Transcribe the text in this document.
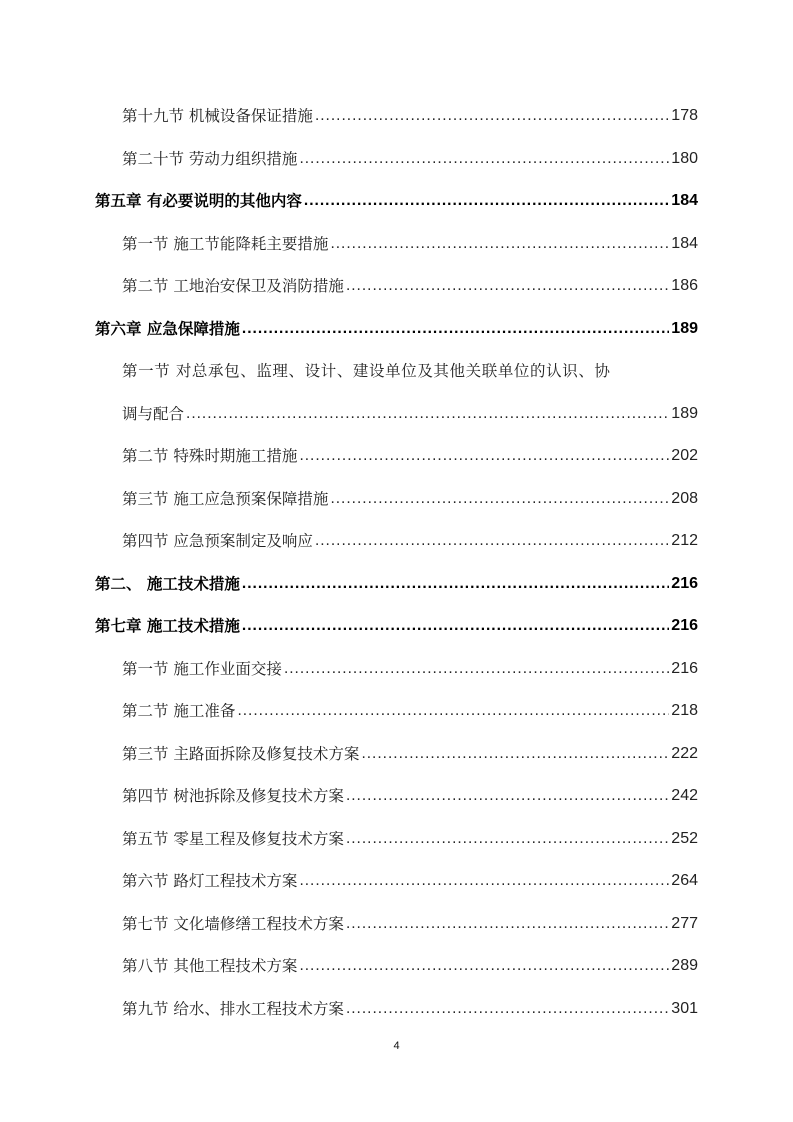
第十九节 机械设备保证措施 .....	178
第二十节 劳动力组织措施 .....	180
第五章 有必要说明的其他内容 .....	184
第一节 施工节能降耗主要措施 .....	184
第二节 工地治安保卫及消防措施 .....	186
第六章 应急保障措施 .....	189
第一节 对总承包、监理、设计、建设单位及其他关联单位的认识、协
调与配合 .....	189
第二节 特殊时期施工措施 .....	202
第三节 施工应急预案保障措施 .....	208
第四节 应急预案制定及响应 .....	212
第二、 施工技术措施 .....	216
第七章 施工技术措施 .....	216
第一节 施工作业面交接 .....	216
第二节 施工准备 .....	218
第三节 主路面拆除及修复技术方案 .....	222
第四节 树池拆除及修复技术方案 .....	242
第五节 零星工程及修复技术方案 .....	252
第六节 路灯工程技术方案 .....	264
第七节 文化墙修缮工程技术方案 .....	277
第八节 其他工程技术方案 .....	289
第九节 给水、排水工程技术方案 .....	301
4
